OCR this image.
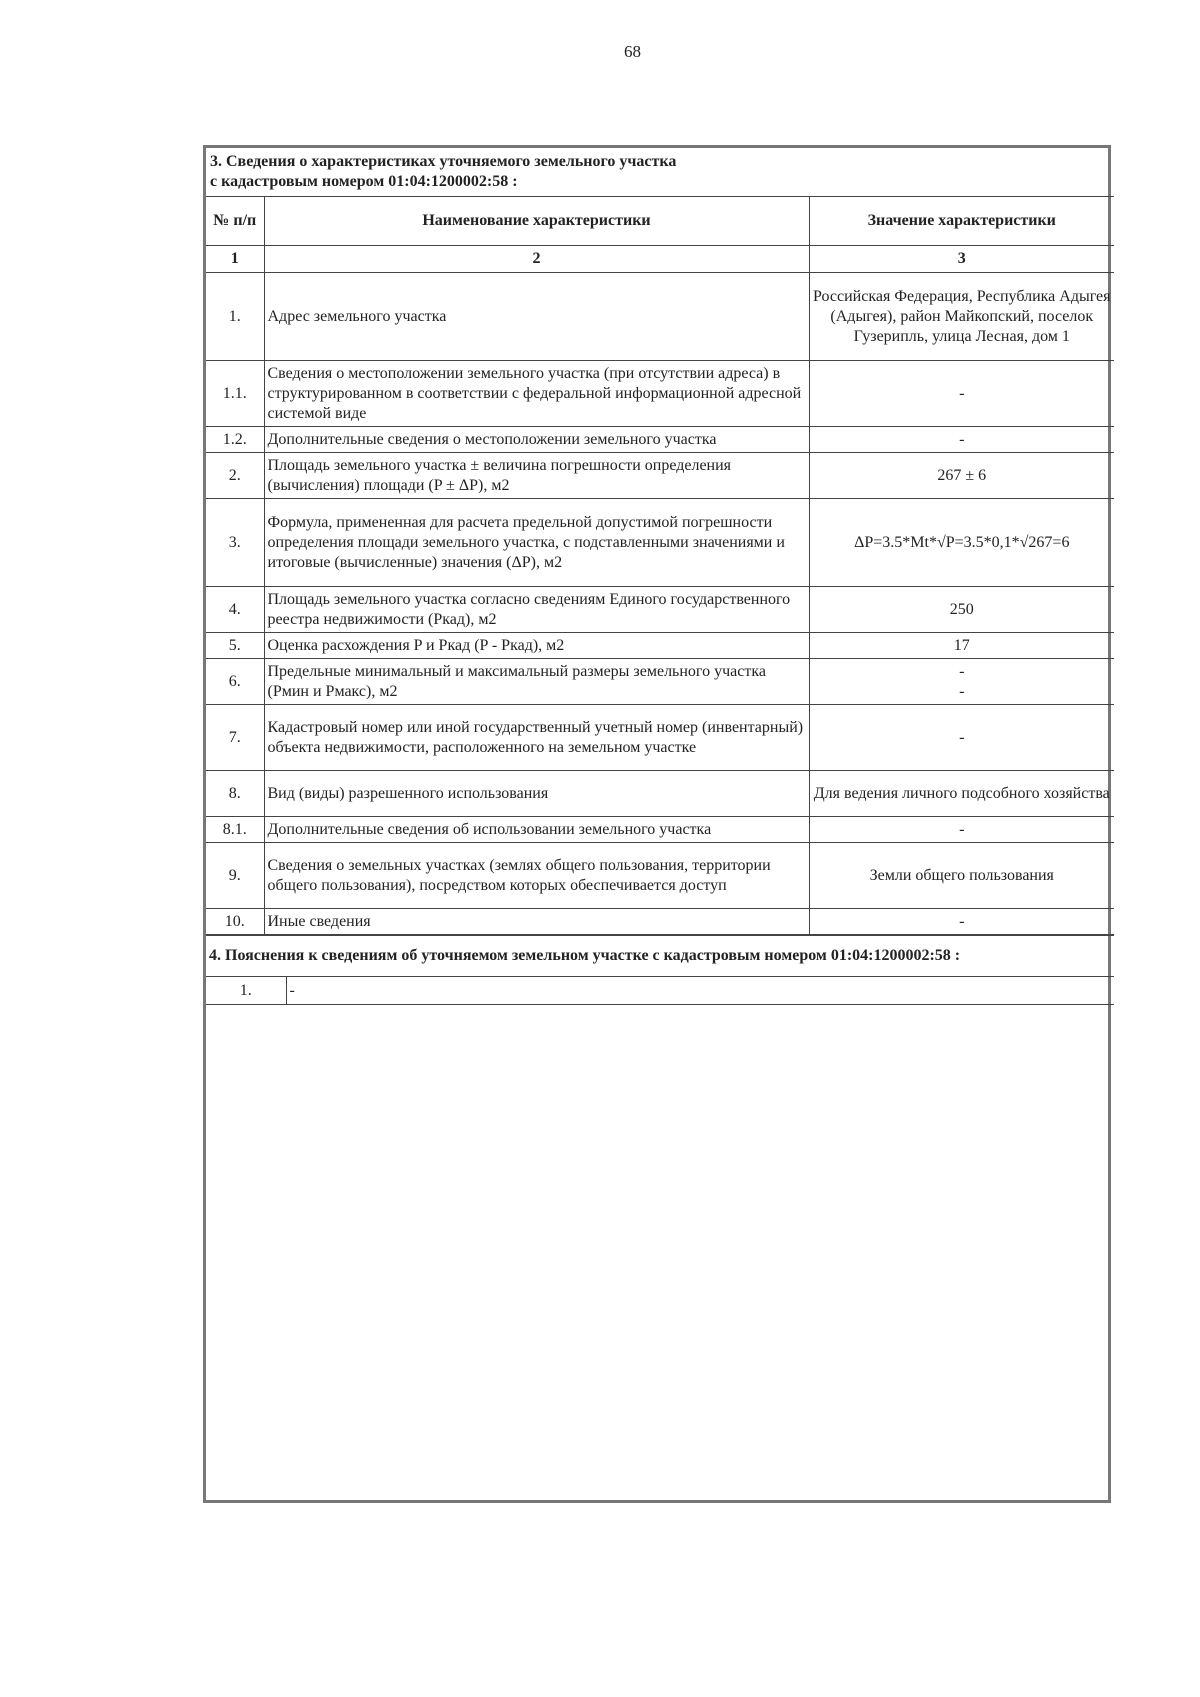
68
3. Сведения о характеристиках уточняемого земельного участка
с кадастровым номером 01:04:1200002:58 :		

№ п/п	Наименование характеристики	Значение характеристики
1	2	3
1.	Адрес земельного участка	Российская Федерация, Республика Адыгея (Адыгея), район Майкопский, поселок Гузерипль, улица Лесная, дом 1
1.1.	Сведения о местоположении земельного участка (при отсутствии адреса) в структурированном в соответствии с федеральной информационной адресной системой виде	-
1.2.	Дополнительные сведения о местоположении земельного участка	-
2.	Площадь земельного участка ± величина погрешности определения (вычисления) площади (P ± ΔP), м2	267 ± 6
3.	Формула, примененная для расчета предельной допустимой погрешности определения площади земельного участка, с подставленными значениями и итоговые (вычисленные) значения (ΔP), м2	ΔP=3.5*Mt*√P=3.5*0,1*√267=6
4.	Площадь земельного участка согласно сведениям Единого государственного реестра недвижимости (Pкад), м2	250
5.	Оценка расхождения P и Pкад (P - Pкад), м2	17
6.	Предельные минимальный и максимальный размеры земельного участка (Pмин и Pмакс), м2	-
-
7.	Кадастровый номер или иной государственный учетный номер (инвентарный) объекта недвижимости, расположенного на земельном участке	-
8.	Вид (виды) разрешенного использования	Для ведения личного подсобного хозяйства
8.1.	Дополнительные сведения об использовании земельного участка	-
9.	Сведения о земельных участках (землях общего пользования, территории общего пользования), посредством которых обеспечивается доступ	Земли общего пользования
10.	Иные сведения	-
4. Пояснения к сведениям об уточняемом земельном участке с кадастровым номером 01:04:1200002:58 :
1.	-
